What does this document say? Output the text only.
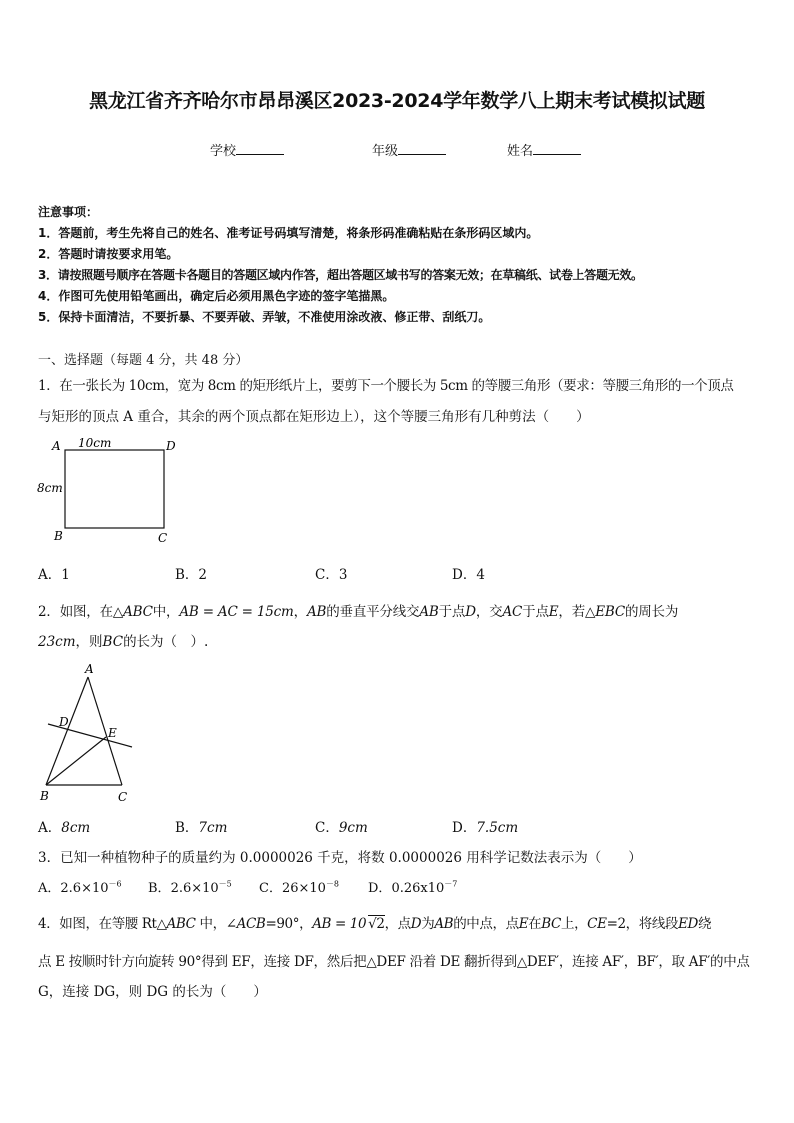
黑龙江省齐齐哈尔市昂昂溪区2023-2024学年数学八上期末考试模拟试题
学校	年级	姓名
注意事项：
1．答题前，考生先将自己的姓名、准考证号码填写清楚，将条形码准确粘贴在条形码区域内。
2．答题时请按要求用笔。
3．请按照题号顺序在答题卡各题目的答题区域内作答，超出答题区域书写的答案无效；在草稿纸、试卷上答题无效。
4．作图可先使用铅笔画出，确定后必须用黑色字迹的签字笔描黑。
5．保持卡面清洁，不要折暴、不要弄破、弄皱，不准使用涂改液、修正带、刮纸刀。
一、选择题（每题 4 分，共 48 分）
1．在一张长为 10cm，宽为 8cm 的矩形纸片上，要剪下一个腰长为 5cm 的等腰三角形（要求：等腰三角形的一个顶点
与矩形的顶点 A 重合，其余的两个顶点都在矩形边上），这个等腰三角形有几种剪法（　　）
A	D
B	C
10cm
8cm
A．1	B．2	C．3	D．4
2．如图，在△ABC中，AB = AC = 15cm，AB的垂直平分线交AB于点D，交AC于点E，若△EBC的周长为
23cm，则BC的长为（　）.
A
D
E
B	C
A．8cm	B．7cm	C．9cm	D．7.5cm
3．已知一种植物种子的质量约为 0.0000026 千克，将数 0.0000026 用科学记数法表示为（　　）
A．$2.6\times 10^{-6}$ B．$2.6\times 10^{-5}$ C．$26\times 10^{-8}$ D．$0.26x10^{-7}$
4．如图，在等腰 Rt△ABC 中，∠ACB=90°，AB = 10 √2，点D为AB的中点，点E在BC上，CE=2，将线段ED绕
点 E 按顺时针方向旋转 90°得到 EF，连接 DF，然后把△DEF 沿着 DE 翻折得到△DEF′，连接 AF′，BF′，取 AF′的中点
G，连接 DG，则 DG 的长为（　　）
